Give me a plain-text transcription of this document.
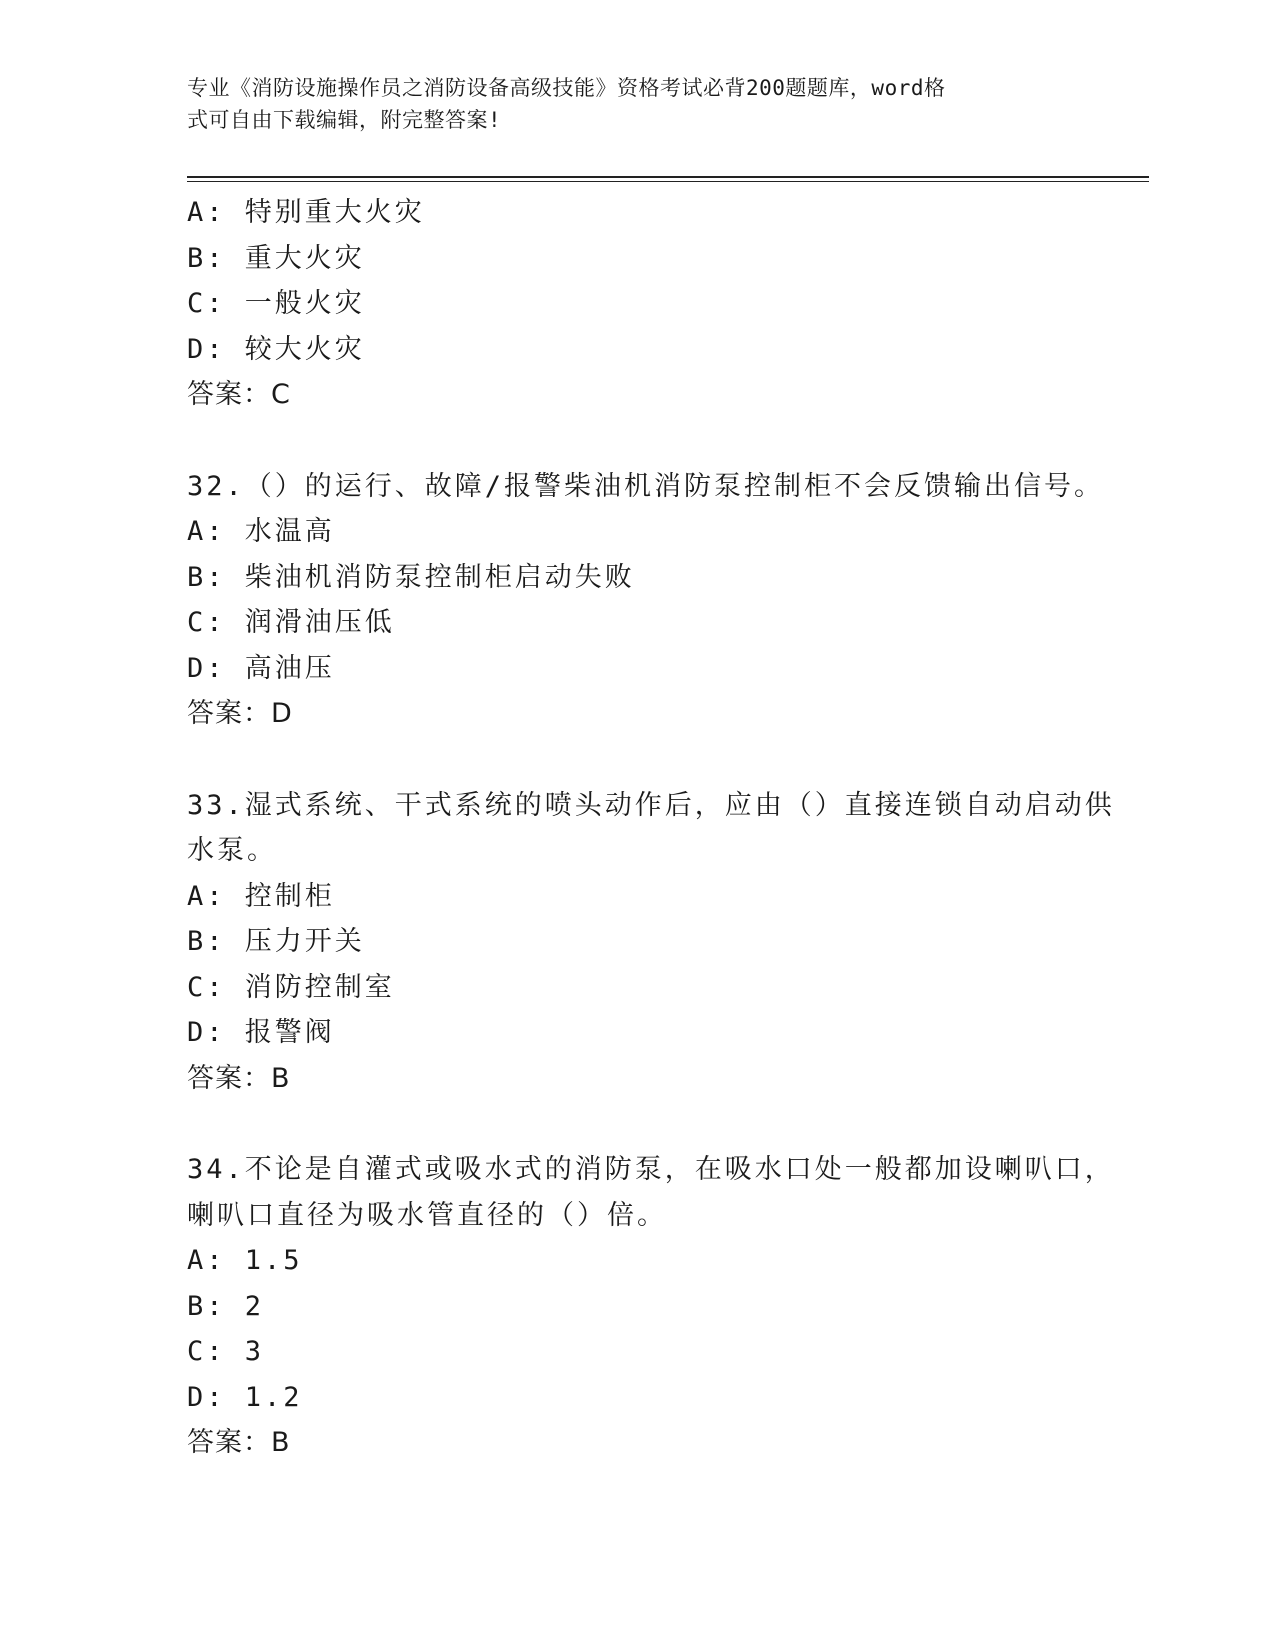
专业《消防设施操作员之消防设备高级技能》资格考试必背200题题库，word格
式可自由下载编辑，附完整答案!
A: 特别重大火灾
B: 重大火灾
C: 一般火灾
D: 较大火灾
答案：C
32.（）的运行、故障/报警柴油机消防泵控制柜不会反馈输出信号。
A: 水温高
B: 柴油机消防泵控制柜启动失败
C: 润滑油压低
D: 高油压
答案：D
33.湿式系统、干式系统的喷头动作后，应由（）直接连锁自动启动供
水泵。
A: 控制柜
B: 压力开关
C: 消防控制室
D: 报警阀
答案：B
34.不论是自灌式或吸水式的消防泵，在吸水口处一般都加设喇叭口，
喇叭口直径为吸水管直径的（）倍。
A: 1.5
B: 2
C: 3
D: 1.2
答案：B
